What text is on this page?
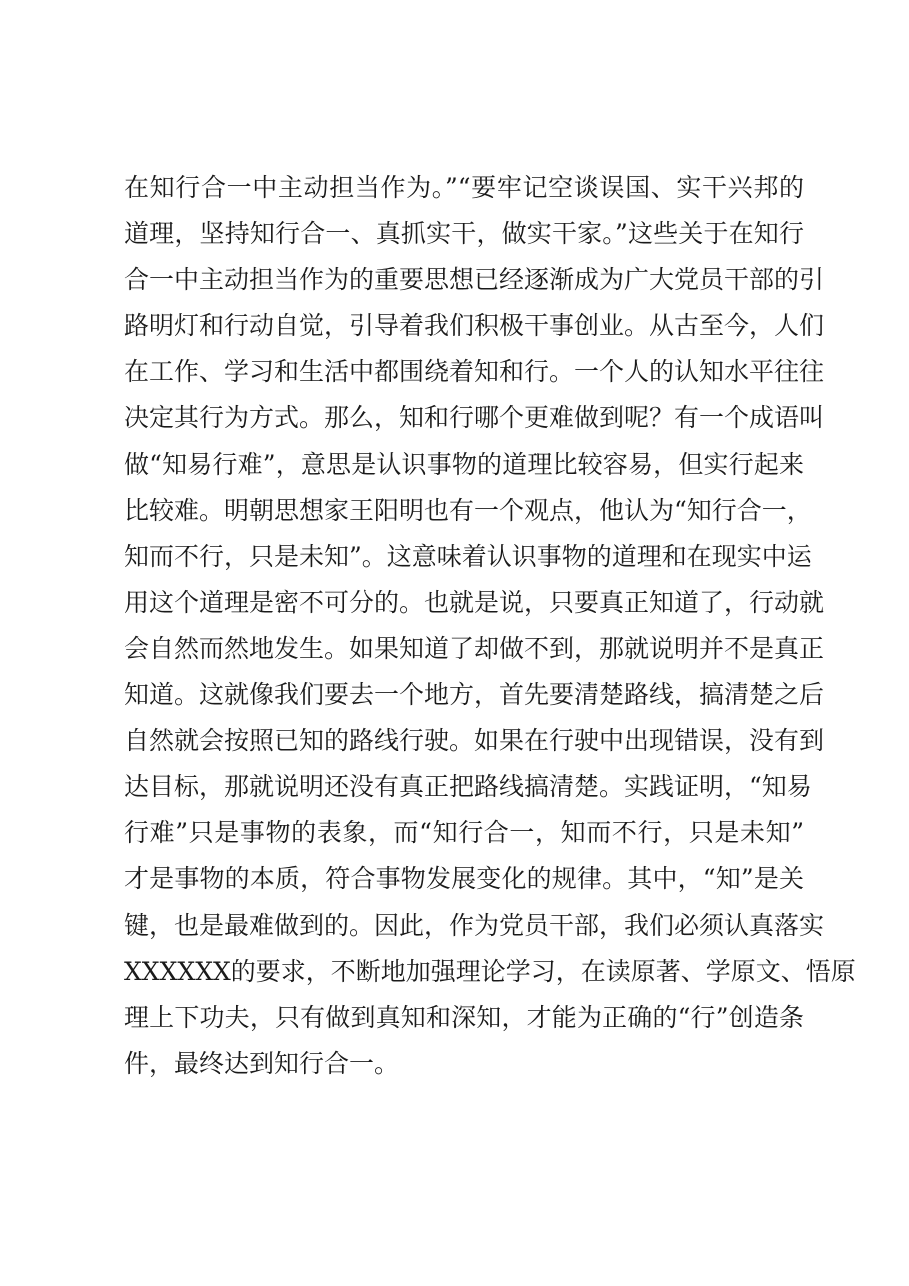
在知行合一中主动担当作为。”“要牢记空谈误国、实干兴邦的
道理，坚持知行合一、真抓实干，做实干家。”这些关于在知行
合一中主动担当作为的重要思想已经逐渐成为广大党员干部的引
路明灯和行动自觉，引导着我们积极干事创业。从古至今，人们
在工作、学习和生活中都围绕着知和行。一个人的认知水平往往
决定其行为方式。那么，知和行哪个更难做到呢？有一个成语叫
做“知易行难”，意思是认识事物的道理比较容易，但实行起来
比较难。明朝思想家王阳明也有一个观点，他认为“知行合一，
知而不行，只是未知”。这意味着认识事物的道理和在现实中运
用这个道理是密不可分的。也就是说，只要真正知道了，行动就
会自然而然地发生。如果知道了却做不到，那就说明并不是真正
知道。这就像我们要去一个地方，首先要清楚路线，搞清楚之后
自然就会按照已知的路线行驶。如果在行驶中出现错误，没有到
达目标，那就说明还没有真正把路线搞清楚。实践证明，“知易
行难”只是事物的表象，而“知行合一，知而不行，只是未知”
才是事物的本质，符合事物发展变化的规律。其中，“知”是关
键，也是最难做到的。因此，作为党员干部，我们必须认真落实
XXXXXX的要求，不断地加强理论学习，在读原著、学原文、悟原
理上下功夫，只有做到真知和深知，才能为正确的“行”创造条
件，最终达到知行合一。
